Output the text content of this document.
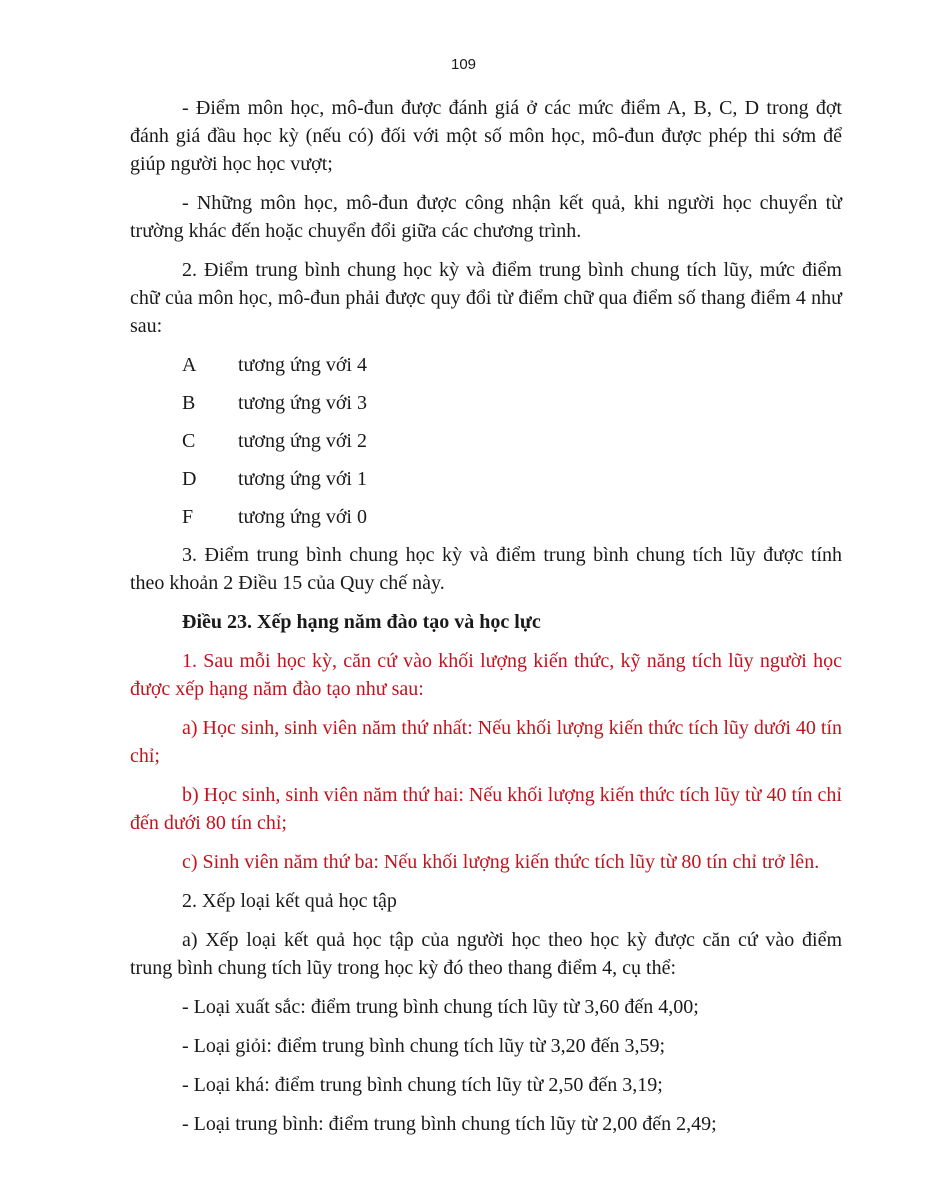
109

- Điểm môn học, mô-đun được đánh giá ở các mức điểm A, B, C, D trong đợt đánh giá đầu học kỳ (nếu có) đối với một số môn học, mô-đun được phép thi sớm để giúp người học học vượt;

- Những môn học, mô-đun được công nhận kết quả, khi người học chuyển từ trường khác đến hoặc chuyển đổi giữa các chương trình.

2. Điểm trung bình chung học kỳ và điểm trung bình chung tích lũy, mức điểm chữ của môn học, mô-đun phải được quy đổi từ điểm chữ qua điểm số thang điểm 4 như sau:

A	tương ứng với 4
B	tương ứng với 3
C	tương ứng với 2
D	tương ứng với 1
F	tương ứng với 0

3. Điểm trung bình chung học kỳ và điểm trung bình chung tích lũy được tính theo khoản 2 Điều 15 của Quy chế này.

Điều 23. Xếp hạng năm đào tạo và học lực

1. Sau mỗi học kỳ, căn cứ vào khối lượng kiến thức, kỹ năng tích lũy người học được xếp hạng năm đào tạo như sau:

a) Học sinh, sinh viên năm thứ nhất: Nếu khối lượng kiến thức tích lũy dưới 40 tín chỉ;

b) Học sinh, sinh viên năm thứ hai: Nếu khối lượng kiến thức tích lũy từ 40 tín chỉ đến dưới 80 tín chỉ;

c) Sinh viên năm thứ ba: Nếu khối lượng kiến thức tích lũy từ 80 tín chỉ trở lên.

2. Xếp loại kết quả học tập

a) Xếp loại kết quả học tập của người học theo học kỳ được căn cứ vào điểm trung bình chung tích lũy trong học kỳ đó theo thang điểm 4, cụ thể:

- Loại xuất sắc: điểm trung bình chung tích lũy từ 3,60 đến 4,00;

- Loại giỏi: điểm trung bình chung tích lũy từ 3,20 đến 3,59;

- Loại khá: điểm trung bình chung tích lũy từ 2,50 đến 3,19;

- Loại trung bình: điểm trung bình chung tích lũy từ 2,00 đến 2,49;
